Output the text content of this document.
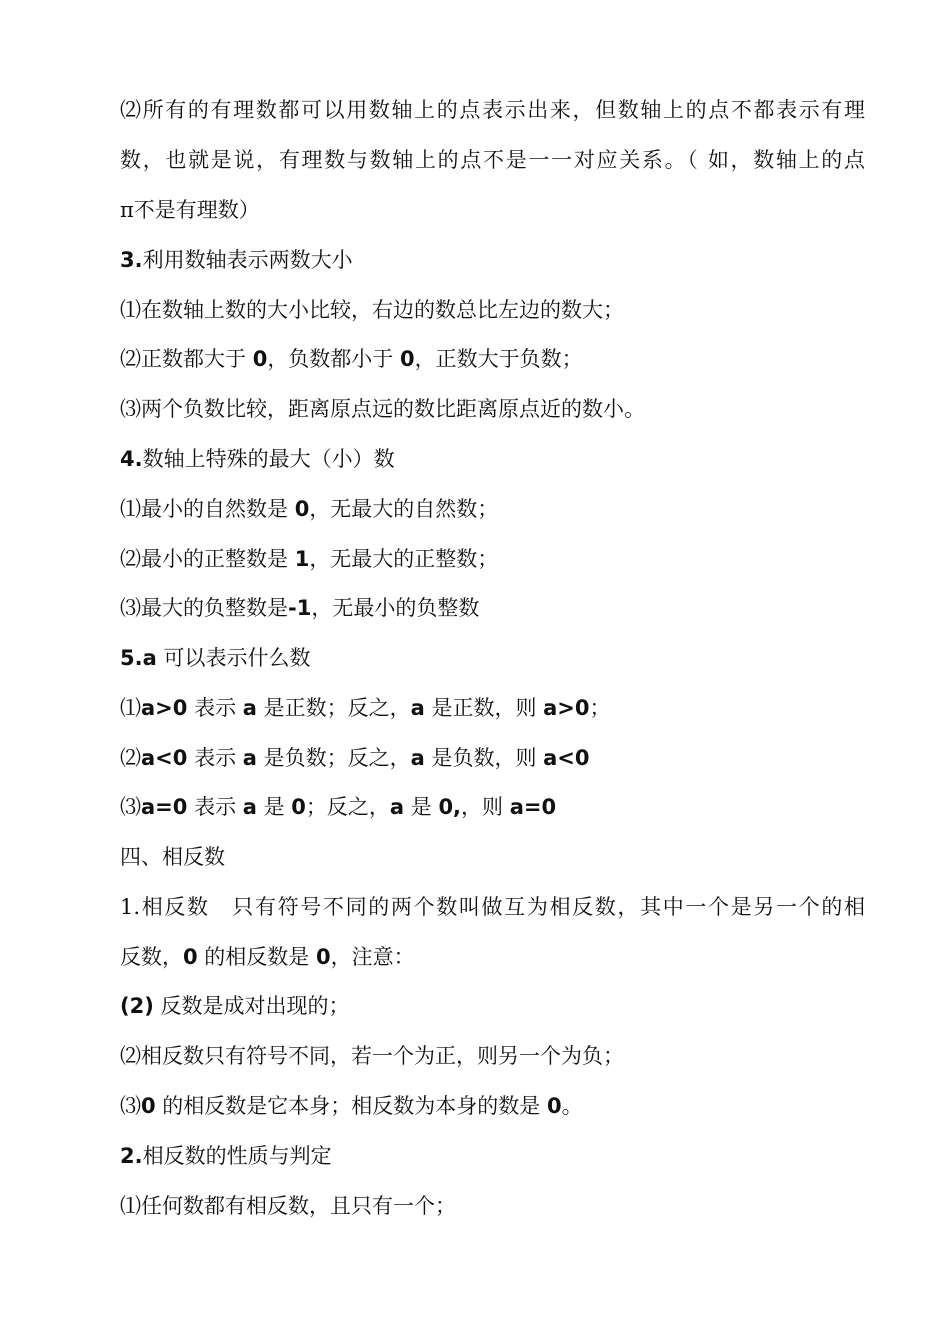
⑵所有的有理数都可以用数轴上的点表示出来，但数轴上的点不都表示有理
数，也就是说，有理数与数轴上的点不是一一对应关系。（ 如，数轴上的点
π不是有理数）
3.利用数轴表示两数大小
⑴在数轴上数的大小比较，右边的数总比左边的数大；
⑵正数都大于 0，负数都小于 0，正数大于负数；
⑶两个负数比较，距离原点远的数比距离原点近的数小。
4.数轴上特殊的最大（小）数
⑴最小的自然数是 0，无最大的自然数；
⑵最小的正整数是 1，无最大的正整数；
⑶最大的负整数是-1，无最小的负整数
5.a 可以表示什么数
⑴a>0 表示 a 是正数；反之，a 是正数，则 a>0；
⑵a<0 表示 a 是负数；反之，a 是负数，则 a<0
⑶a=0 表示 a 是 0；反之，a 是 0,，则 a=0
四、相反数
1.相反数　只有符号不同的两个数叫做互为相反数，其中一个是另一个的相
反数，0 的相反数是 0，注意：
(2) 反数是成对出现的；
⑵相反数只有符号不同，若一个为正，则另一个为负；
⑶0 的相反数是它本身；相反数为本身的数是 0。
2.相反数的性质与判定
⑴任何数都有相反数，且只有一个；
